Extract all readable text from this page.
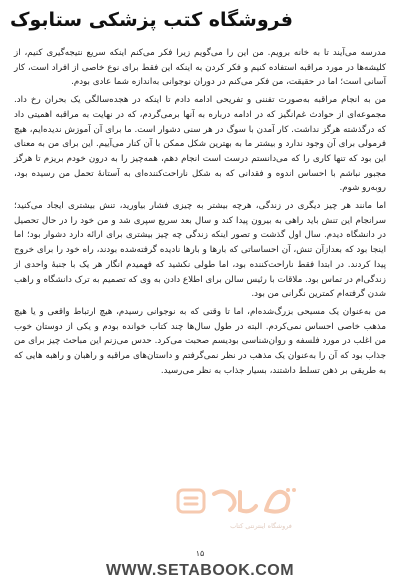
فروشگاه کتب پزشکی ستابوک

مدرسه می‌آیند تا به خانه برویم. من این را می‌گویم زیرا فکر می‌کنم اینکه سریع نتیجه‌گیری کنیم، از کلیشه‌ها در مورد مراقبه استفاده کنیم و فکر کردن به اینکه این فقط برای نوع خاصی از افراد است، کار آسانی است؛ اما در حقیقت، من فکر می‌کنم در دوران نوجوانی به‌اندازه شما عادی بودم.

من به انجام مراقبه به‌صورت تفننی و تفریحی ادامه دادم تا اینکه در هجده‌سالگی یک بحران رخ داد. مجموعه‌ای از حوادث غم‌انگیز که در ادامه درباره به آنها برمی‌گردم، که در نهایت به مراقبه اهمیتی داد که درگذشته هرگز نداشت. کار آمدن با سوگ در هر سنی دشوار است. ما برای آن آموزش ندیده‌ایم، هیچ فرمولی برای آن وجود ندارد و بیشتر ما به بهترین شکل ممکن با آن کنار می‌آییم. این برای من به معنای این بود که تنها کاری را که می‌دانستم درست است انجام دهم، همه‌چیز را به درون خودم بریزم تا هرگز مجبور نباشم با احساس اندوه و فقدانی که به شکل ناراحت‌کننده‌ای به آستانهٔ تحمل من رسیده بود، روبه‌رو شوم.

اما مانند هر چیز دیگری در زندگی، هرچه بیشتر به چیزی فشار بیاورید، تنش بیشتری ایجاد می‌کنید؛ سرانجام این تنش باید راهی به بیرون پیدا کند و سال بعد سریع سپری شد و من خود را در حال تحصیل در دانشگاه دیدم. سال اول گذشت و تصور اینکه زندگی چه چیز بیشتری برای ارائه دارد دشوار بود؛ اما اینجا بود که بعدازآن تنش، آن احساساتی که بارها و بارها نادیده گرفته‌شده بودند، راه خود را برای خروج پیدا کردند. در ابتدا فقط ناراحت‌کننده بود، اما طولی نکشید که فهمیدم انگار هر یک با جنبهٔ واحدی از زندگی‌ام در تماس بود. ملاقات با رئیس سالن برای اطلاع دادن به وی که تصمیم به ترک دانشگاه و راهب شدن گرفته‌ام کمترین نگرانی من بود.

من به‌عنوان یک مسیحی بزرگ‌شده‌ام، اما تا وقتی که به نوجوانی رسیدم، هیچ ارتباط واقعی و یا هیچ مذهب خاصی احساس نمی‌کردم. البته در طول سال‌ها چند کتاب خوانده بودم و یکی از دوستان خوب من اغلب در مورد فلسفه و روان‌شناسی بودیسم صحبت می‌کرد. حدس می‌زنم این مباحث چیز برای من جذاب بود که آن را به‌عنوان یک مذهب در نظر نمی‌گرفتم و داستان‌های مراقبه و راهبان و راهبه هایی که به طریقی بر ذهن تسلط داشتند، بسیار جذاب به نظر می‌رسید.

فروشگاه اینترنتی کتاب
۱۵
WWW.SETABOOK.COM
